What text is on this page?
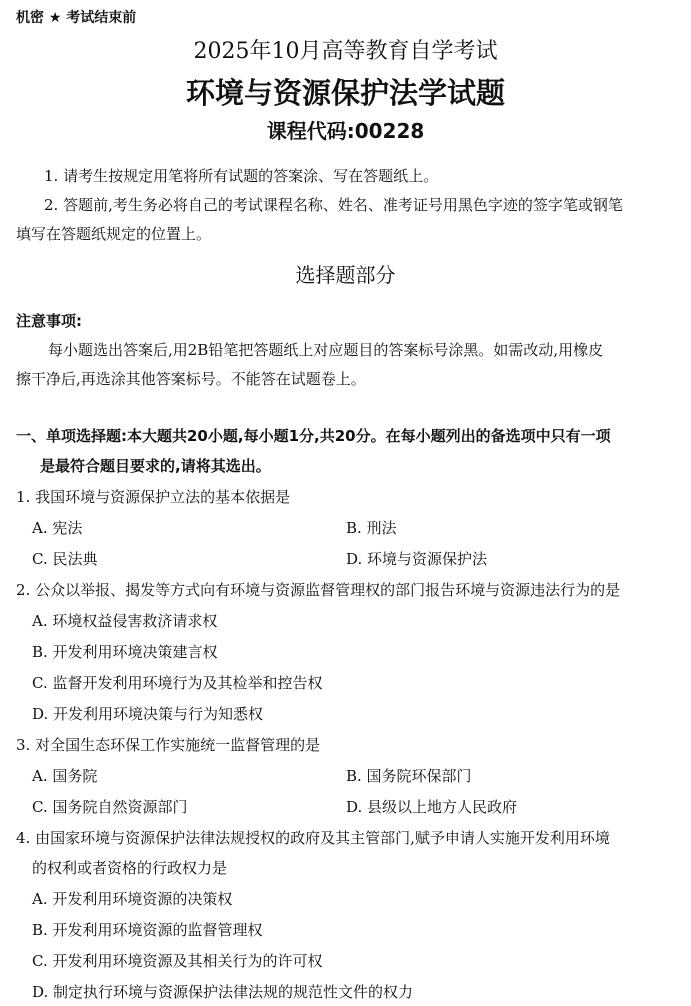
机密 ★ 考试结束前
2025年10月高等教育自学考试
环境与资源保护法学试题
课程代码:00228
1. 请考生按规定用笔将所有试题的答案涂、写在答题纸上。
2. 答题前,考生务必将自己的考试课程名称、姓名、准考证号用黑色字迹的签字笔或钢笔
填写在答题纸规定的位置上。
选择题部分
注意事项:
每小题选出答案后,用2B铅笔把答题纸上对应题目的答案标号涂黑。如需改动,用橡皮
擦干净后,再选涂其他答案标号。不能答在试题卷上。
一、单项选择题:本大题共20小题,每小题1分,共20分。在每小题列出的备选项中只有一项
是最符合题目要求的,请将其选出。
1. 我国环境与资源保护立法的基本依据是
A. 宪法	B. 刑法
C. 民法典	D. 环境与资源保护法
2. 公众以举报、揭发等方式向有环境与资源监督管理权的部门报告环境与资源违法行为的是
A. 环境权益侵害救济请求权
B. 开发利用环境决策建言权
C. 监督开发利用环境行为及其检举和控告权
D. 开发利用环境决策与行为知悉权
3. 对全国生态环保工作实施统一监督管理的是
A. 国务院	B. 国务院环保部门
C. 国务院自然资源部门	D. 县级以上地方人民政府
4. 由国家环境与资源保护法律法规授权的政府及其主管部门,赋予申请人实施开发利用环境
的权利或者资格的行政权力是
A. 开发利用环境资源的决策权
B. 开发利用环境资源的监督管理权
C. 开发利用环境资源及其相关行为的许可权
D. 制定执行环境与资源保护法律法规的规范性文件的权力
